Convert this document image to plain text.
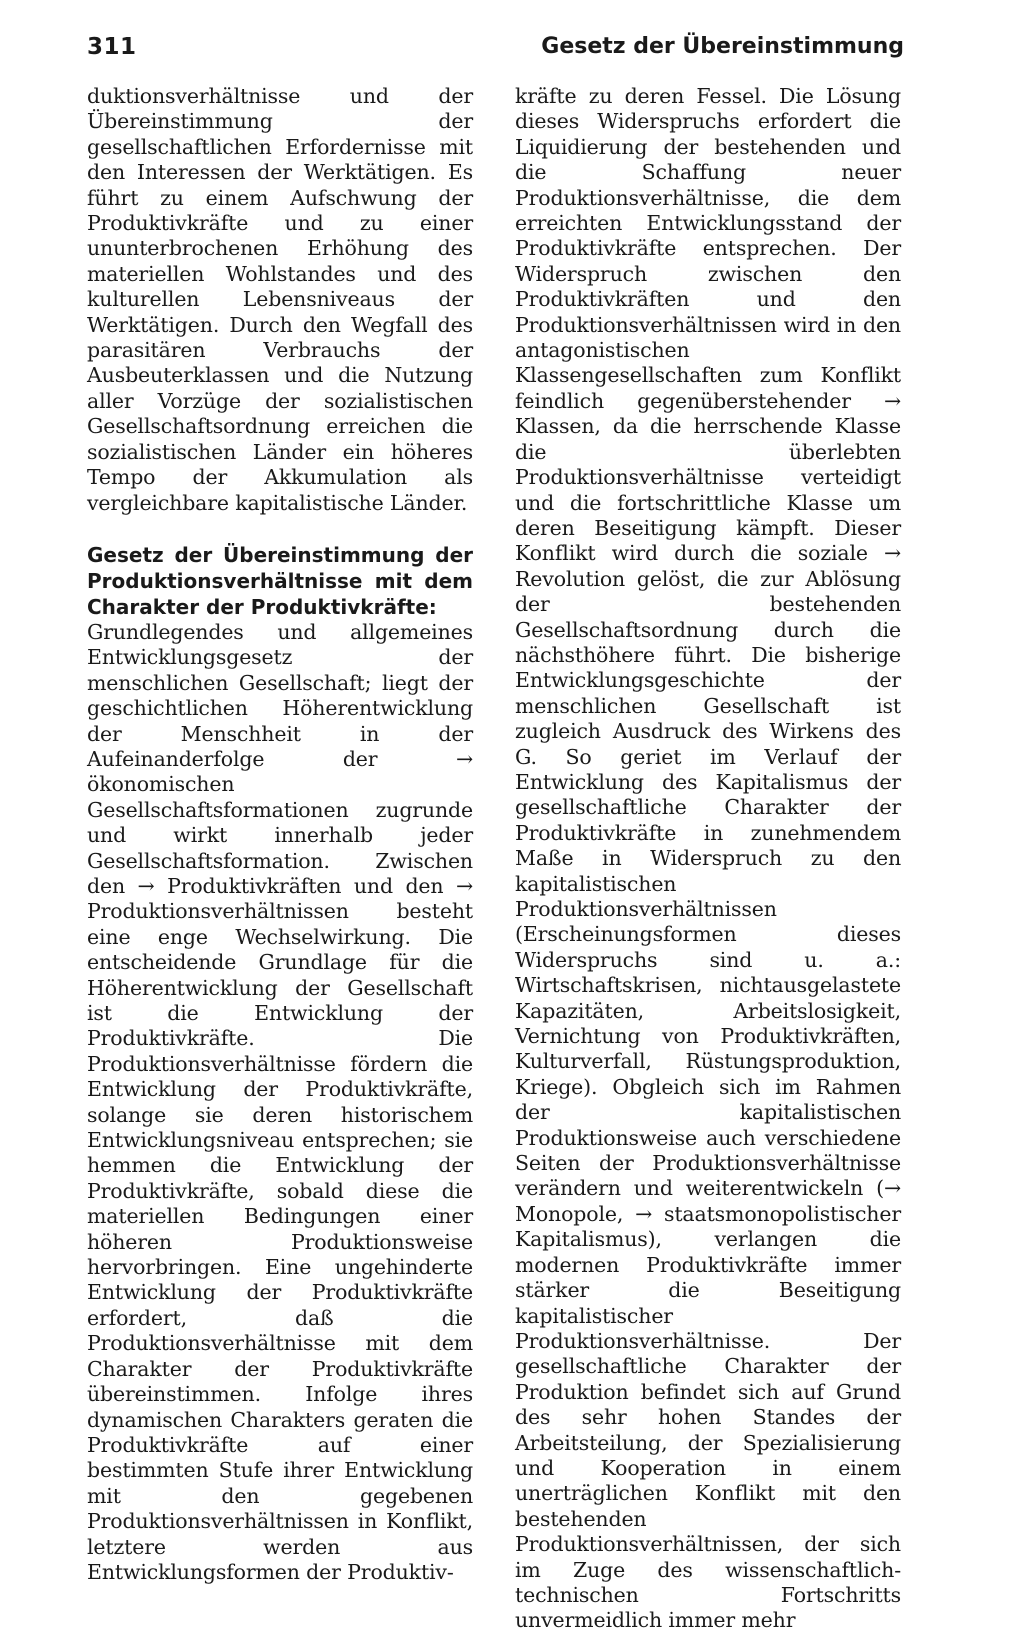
311	Gesetz der Übereinstimmung

duktionsverhältnisse und der Übereinstimmung der gesellschaftlichen Erfordernisse mit den Interessen der Werktätigen. Es führt zu einem Aufschwung der Produktivkräfte und zu einer ununterbrochenen Erhöhung des materiellen Wohlstandes und des kulturellen Lebensniveaus der Werktätigen. Durch den Wegfall des parasitären Verbrauchs der Ausbeuterklassen und die Nutzung aller Vorzüge der sozialistischen Gesellschaftsordnung erreichen die sozialistischen Länder ein höheres Tempo der Akkumulation als vergleichbare kapitalistische Länder.

Gesetz der Übereinstimmung der Produktionsverhältnisse mit dem Charakter der Produktivkräfte:

Grundlegendes und allgemeines Entwicklungsgesetz der menschlichen Gesellschaft; liegt der geschichtlichen Höherentwicklung der Menschheit in der Aufeinanderfolge der → ökonomischen Gesellschaftsformationen zugrunde und wirkt innerhalb jeder Gesellschaftsformation. Zwischen den → Produktivkräften und den → Produktionsverhältnissen besteht eine enge Wechselwirkung. Die entscheidende Grundlage für die Höherentwicklung der Gesellschaft ist die Entwicklung der Produktivkräfte. Die Produktionsverhältnisse fördern die Entwicklung der Produktivkräfte, solange sie deren historischem Entwicklungsniveau entsprechen; sie hemmen die Entwicklung der Produktivkräfte, sobald diese die materiellen Bedingungen einer höheren Produktionsweise hervorbringen. Eine ungehinderte Entwicklung der Produktivkräfte erfordert, daß die Produktionsverhältnisse mit dem Charakter der Produktivkräfte übereinstimmen. Infolge ihres dynamischen Charakters geraten die Produktivkräfte auf einer bestimmten Stufe ihrer Entwicklung mit den gegebenen Produktionsverhältnissen in Konflikt, letztere werden aus Entwicklungsformen der Produktiv-

kräfte zu deren Fessel. Die Lösung dieses Widerspruchs erfordert die Liquidierung der bestehenden und die Schaffung neuer Produktionsverhältnisse, die dem erreichten Entwicklungsstand der Produktivkräfte entsprechen. Der Widerspruch zwischen den Produktivkräften und den Produktionsverhältnissen wird in den antagonistischen Klassengesellschaften zum Konflikt feindlich gegenüberstehender → Klassen, da die herrschende Klasse die überlebten Produktionsverhältnisse verteidigt und die fortschrittliche Klasse um deren Beseitigung kämpft. Dieser Konflikt wird durch die soziale → Revolution gelöst, die zur Ablösung der bestehenden Gesellschaftsordnung durch die nächsthöhere führt. Die bisherige Entwicklungsgeschichte der menschlichen Gesellschaft ist zugleich Ausdruck des Wirkens des G. So geriet im Verlauf der Entwicklung des Kapitalismus der gesellschaftliche Charakter der Produktivkräfte in zunehmendem Maße in Widerspruch zu den kapitalistischen Produktionsverhältnissen (Erscheinungsformen dieses Widerspruchs sind u. a.: Wirtschaftskrisen, nichtausgelastete Kapazitäten, Arbeitslosigkeit, Vernichtung von Produktivkräften, Kulturverfall, Rüstungsproduktion, Kriege). Obgleich sich im Rahmen der kapitalistischen Produktionsweise auch verschiedene Seiten der Produktionsverhältnisse verändern und weiterentwickeln (→ Monopole, → staatsmonopolistischer Kapitalismus), verlangen die modernen Produktivkräfte immer stärker die Beseitigung kapitalistischer Produktionsverhältnisse. Der gesellschaftliche Charakter der Produktion befindet sich auf Grund des sehr hohen Standes der Arbeitsteilung, der Spezialisierung und Kooperation in einem unerträglichen Konflikt mit den bestehenden Produktionsverhältnissen, der sich im Zuge des wissenschaftlich-technischen Fortschritts unvermeidlich immer mehr
